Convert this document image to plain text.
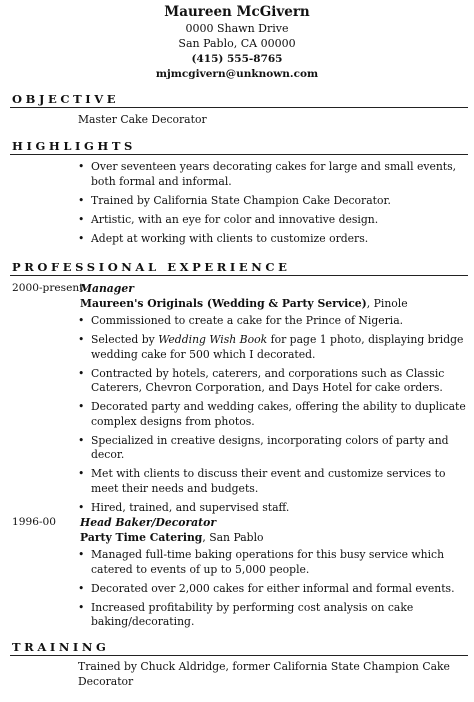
Maureen McGivern
0000 Shawn Drive
San Pablo, CA 00000
(415) 555-8765
mjmcgivern@unknown.com
OBJECTIVE
Master Cake Decorator
HIGHLIGHTS
• Over seventeen years decorating cakes for large and small events, both formal and informal.
• Trained by California State Champion Cake Decorator.
• Artistic, with an eye for color and innovative design.
• Adept at working with clients to customize orders.
PROFESSIONAL EXPERIENCE
2000-present
Manager
Maureen's Originals (Wedding & Party Service), Pinole
• Commissioned to create a cake for the Prince of Nigeria.
• Selected by Wedding Wish Book for page 1 photo, displaying bridge wedding cake for 500 which I decorated.
• Contracted by hotels, caterers, and corporations such as Classic Caterers, Chevron Corporation, and Days Hotel for cake orders.
• Decorated party and wedding cakes, offering the ability to duplicate complex designs from photos.
• Specialized in creative designs, incorporating colors of party and decor.
• Met with clients to discuss their event and customize services to meet their needs and budgets.
• Hired, trained, and supervised staff.
1996-00 Head Baker/Decorator
Party Time Catering, San Pablo
• Managed full-time baking operations for this busy service which catered to events of up to 5,000 people.
• Decorated over 2,000 cakes for either informal and formal events.
• Increased profitability by performing cost analysis on cake baking/decorating.
TRAINING
Trained by Chuck Aldridge, former California State Champion Cake Decorator
